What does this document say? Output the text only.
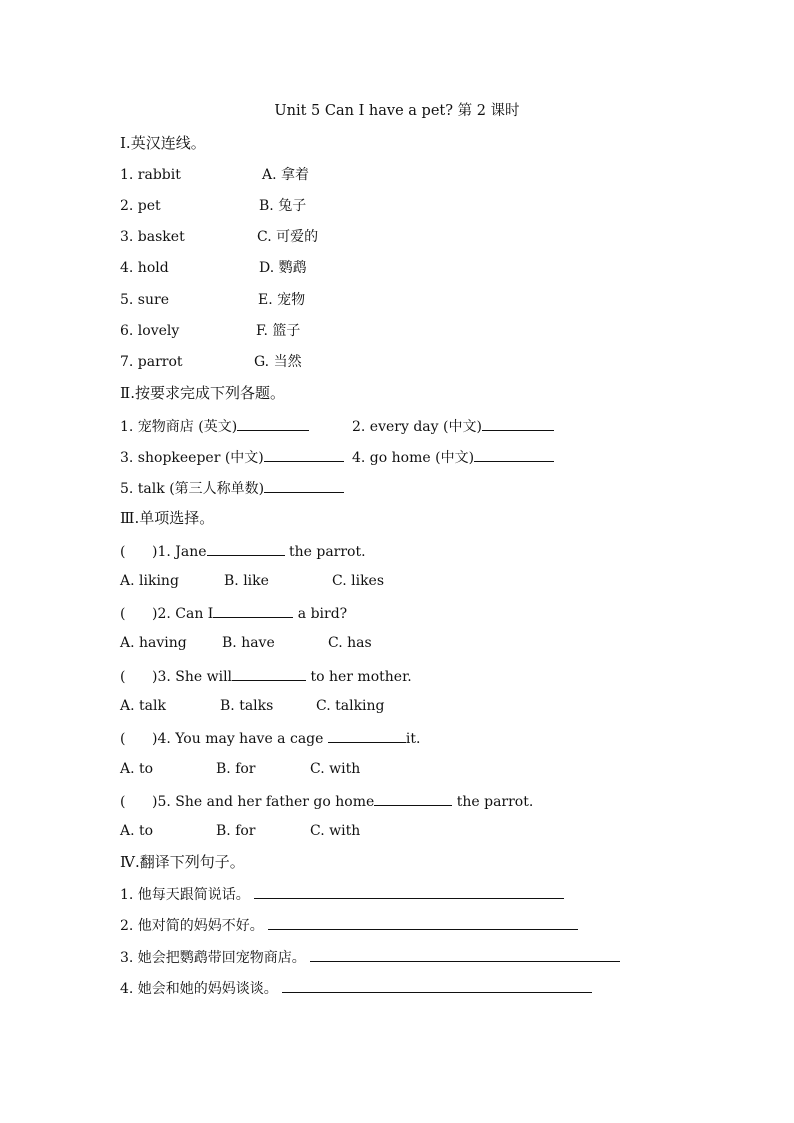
Unit 5 Can I have a pet? 第 2 课时
Ⅰ.英汉连线。
1. rabbit	A. 拿着
2. pet	B. 兔子
3. basket	C. 可爱的
4. hold	D. 鹦鹉
5. sure	E. 宠物
6. lovely	F. 篮子
7. parrot	G. 当然
Ⅱ.按要求完成下列各题。
1. 宠物商店 (英文)	2. every day (中文)
3. shopkeeper (中文)	4. go home (中文)
5. talk (第三人称单数)
Ⅲ.单项选择。
( )1. Jane	the parrot.
A. liking	B. like	C. likes
( )2. Can I	a bird?
A. having	B. have	C. has
( )3. She will	to her mother.
A. talk	B. talks	C. talking
( )4. You may have a cage	it.
A. to	B. for	C. with
( )5. She and her father go home	the parrot.
A. to	B. for	C. with
Ⅳ.翻译下列句子。
1. 他每天跟简说话。
2. 他对简的妈妈不好。
3. 她会把鹦鹉带回宠物商店。
4. 她会和她的妈妈谈谈。
